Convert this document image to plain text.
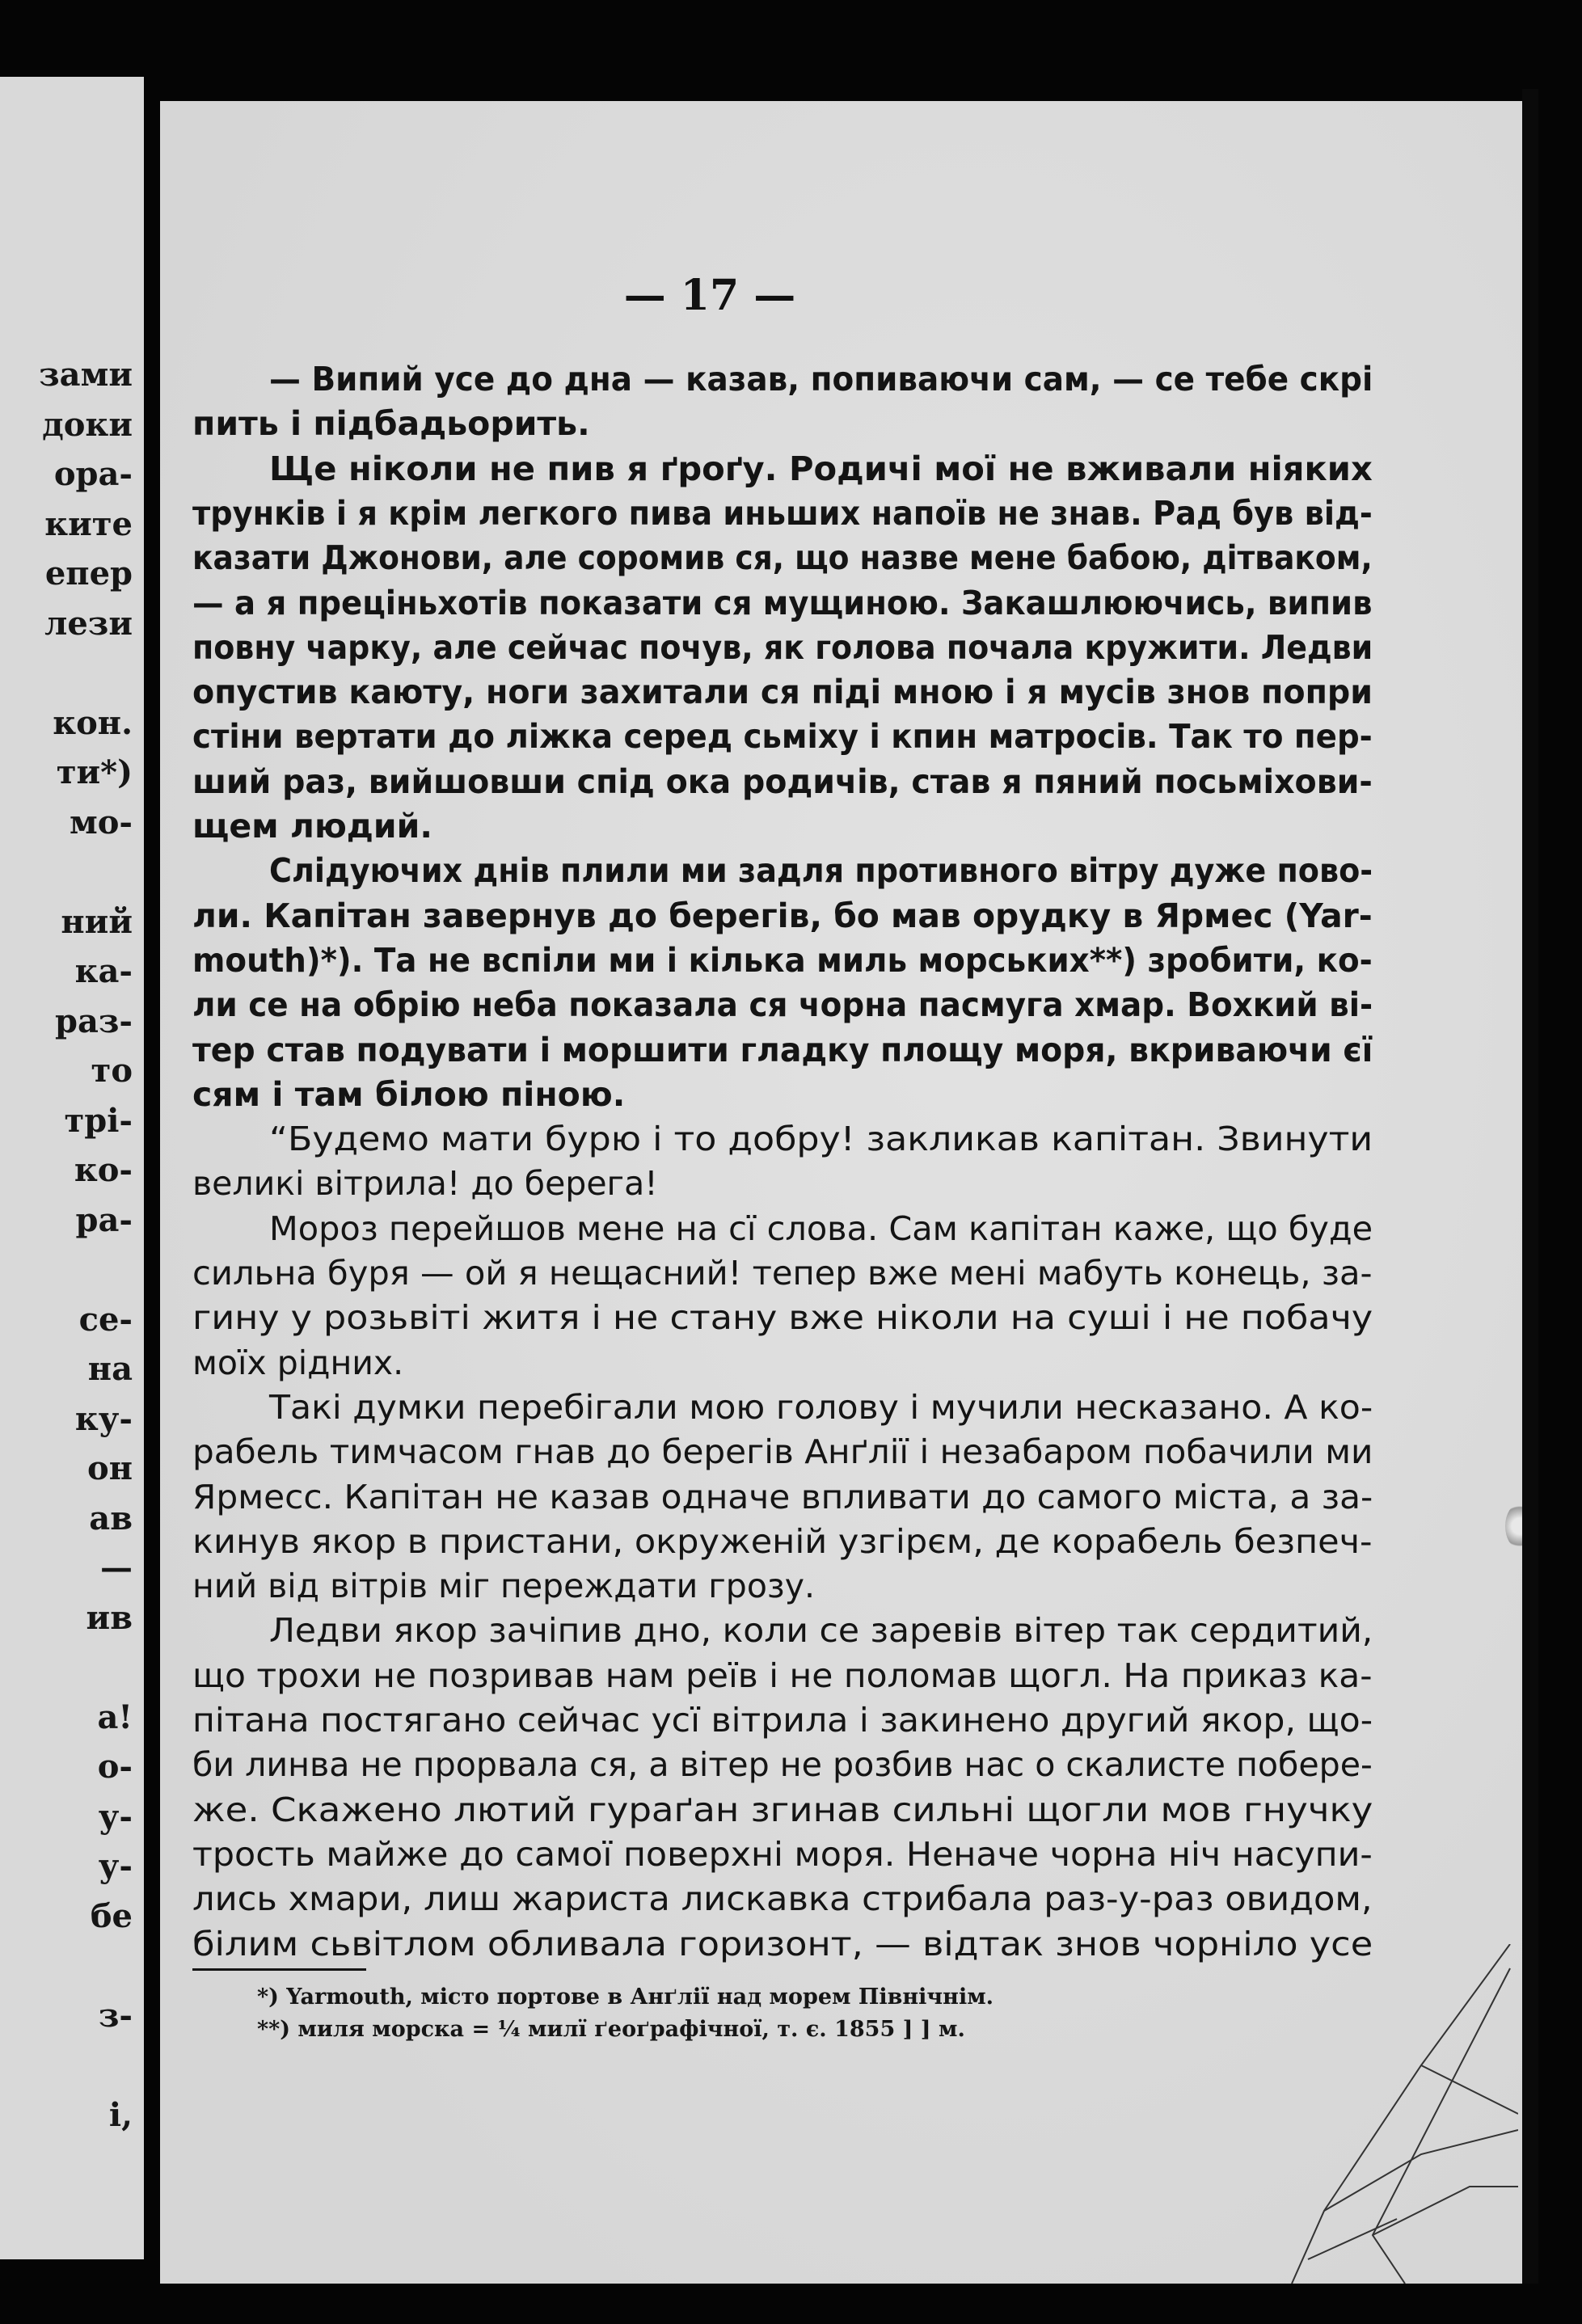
зами
доки
ора-
ките
епер
лези
кон.
ти*)
мо-
ний
ка-
раз-
то
трі-
ко-
ра-
се-
на
ку-
он
ав
—
ив
а!
о-
у-
у-
бе
з-
і,
— 17 —
— Випий усе до дна — казав, попиваючи сам, — се тебе скрі
пить і підбадьорить.
Ще ніколи не пив я ґроґу. Родичі мої не вживали ніяких
трунків і я крім легкого пива иньших напоїв не знав. Рад був від-
казати Джонови, але соромив ся, що назве мене бабою, дітваком,
— а я преціньхотів показати ся мущиною. Закашлюючись, випив
повну чарку, але сейчас почув, як голова почала кружити. Ледви
опустив каюту, ноги захитали ся піді мною і я мусів знов попри
стіни вертати до ліжка серед сьміху і кпин матросів. Так то пер-
ший раз, вийшовши спід ока родичів, став я пяний посьміхови-
щем людий.
Слідуючих днів плили ми задля противного вітру дуже пово-
ли. Капітан завернув до берегів, бо мав орудку в Ярмес (Yar-
mouth)*). Та не вспіли ми і кілька миль морських**) зробити, ко-
ли се на обрію неба показала ся чорна пасмуга хмар. Вохкий ві-
тер став подувати і моршити гладку площу моря, вкриваючи єї
сям і там білою піною.
“Будемо мати бурю і то добру! закликав капітан. Звинути
великі вітрила! до берега!
Мороз перейшов мене на сї слова. Сам капітан каже, що буде
сильна буря — ой я нещасний! тепер вже мені мабуть конець, за-
гину у розьвіті житя і не стану вже ніколи на суші і не побачу
моїх рідних.
Такі думки перебігали мою голову і мучили несказано. А ко-
рабель тимчасом гнав до берегів Анґлії і незабаром побачили ми
Ярмесс. Капітан не казав одначе впливати до самого міста, а за-
кинув якор в пристани, окруженій узгірєм, де корабель безпеч-
ний від вітрів міг переждати грозу.
Ледви якор зачіпив дно, коли се заревів вітер так сердитий,
що трохи не позривав нам реїв і не поломав щогл. На приказ ка-
пітана постягано сейчас усї вітрила і закинено другий якор, що-
би линва не прорвала ся, а вітер не розбив нас о скалисте побере-
же. Скажено лютий гураґан згинав сильні щогли мов гнучку
трость майже до самої поверхні моря. Неначе чорна ніч насупи-
лись хмари, лиш жариста лискавка стрибала раз-у-раз овидом,
білим сьвітлом обливала горизонт, — відтак знов чорніло усе
*) Yarmouth, місто портове в Анґлії над морем Північнім.
**) миля морска = ¼ милї ґеоґрафічної, т. є. 1855 ] ] м.
